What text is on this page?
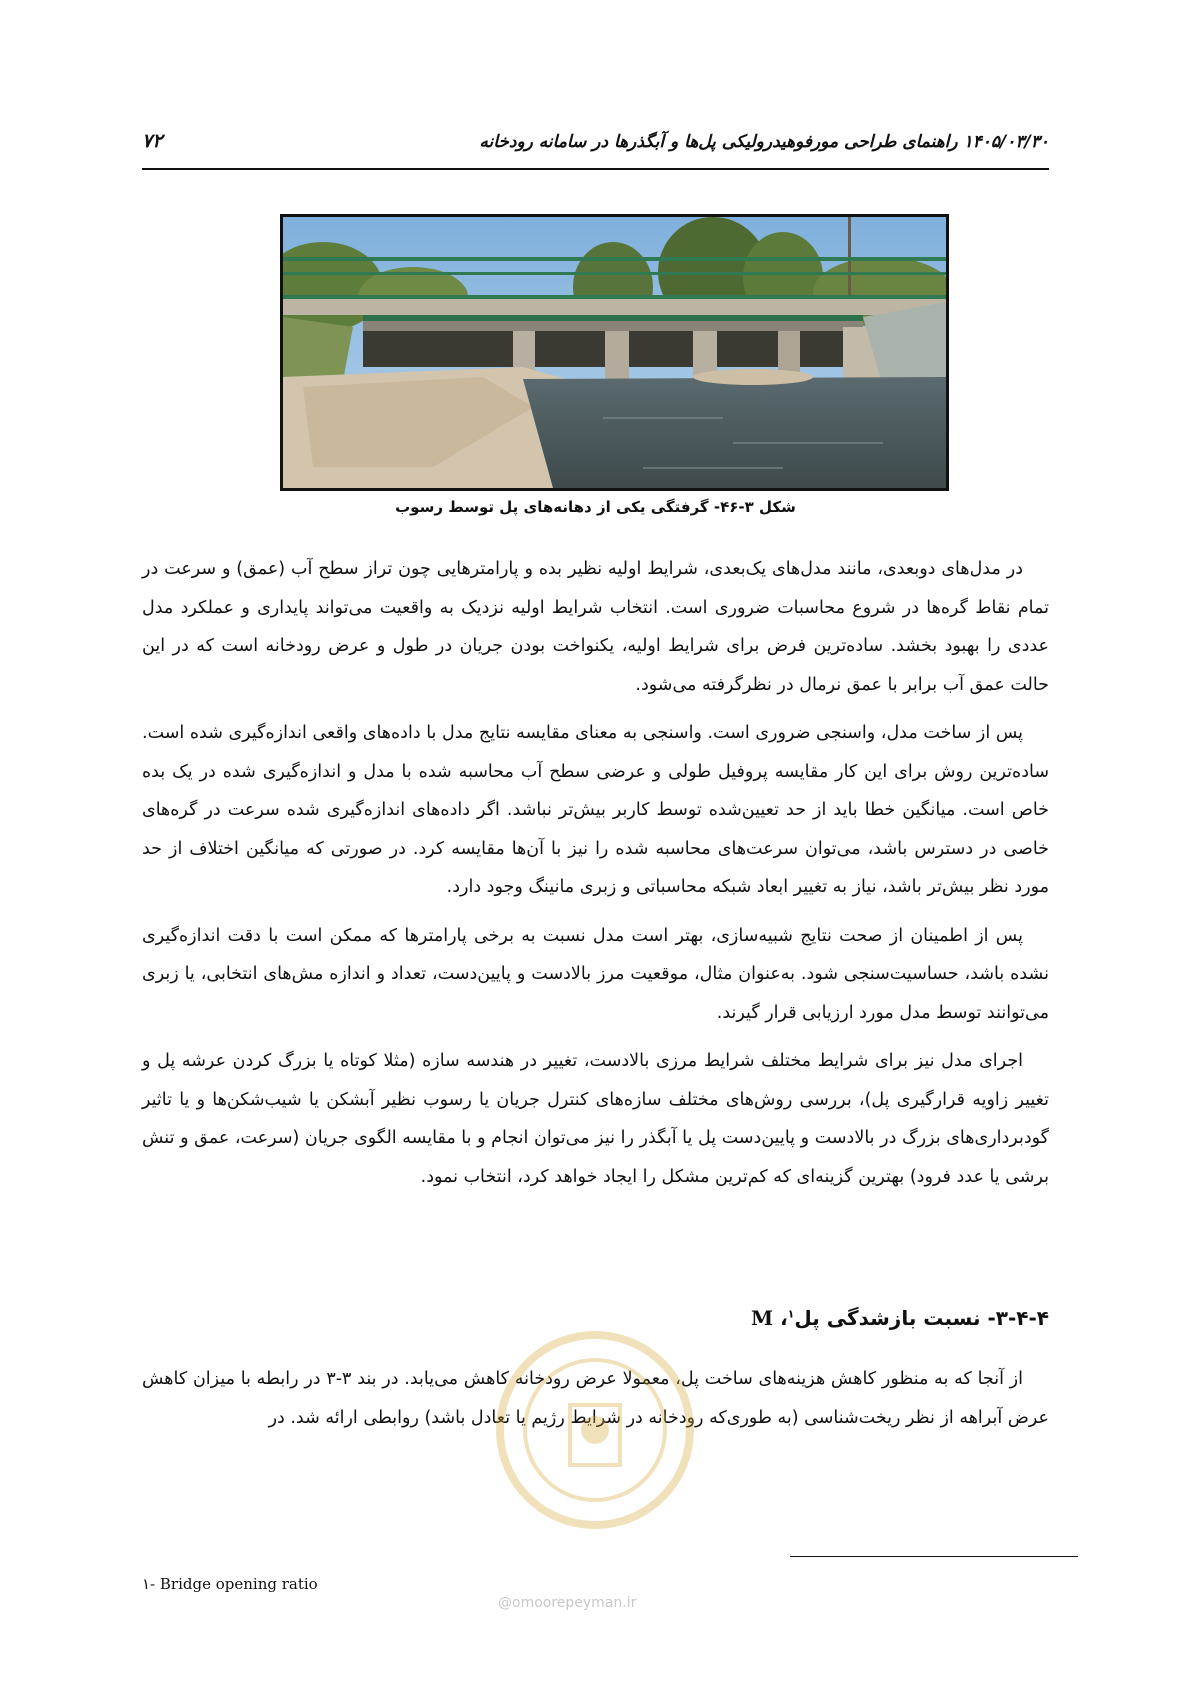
۱۴۰۵/۰۳/۳۰ راهنمای طراحی مورفوهیدرولیکی پل‌ها و آبگذرها در سامانه رودخانه
۷۲
شکل ۳-۴۶- گرفتگی یکی از دهانه‌های پل توسط رسوب

در مدل‌های دوبعدی، مانند مدل‌های یک‌بعدی، شرایط اولیه نظیر بده و پارامترهایی چون تراز سطح آب (عمق) و سرعت در تمام نقاط گره‌ها در شروع محاسبات ضروری است. انتخاب شرایط اولیه نزدیک به واقعیت می‌تواند پایداری و عملکرد مدل عددی را بهبود بخشد. ساده‌ترین فرض برای شرایط اولیه، یکنواخت بودن جریان در طول و عرض رودخانه است که در این حالت عمق آب برابر با عمق نرمال در نظرگرفته می‌شود.

پس از ساخت مدل، واسنجی ضروری است. واسنجی به معنای مقایسه نتایج مدل با داده‌های واقعی اندازه‌گیری شده است. ساده‌ترین روش برای این کار مقایسه پروفیل طولی و عرضی سطح آب محاسبه شده با مدل و اندازه‌گیری شده در یک بده خاص است. میانگین خطا باید از حد تعیین‌شده توسط کاربر بیش‌تر نباشد. اگر داده‌های اندازه‌گیری شده سرعت در گره‌های خاصی در دسترس باشد، می‌توان سرعت‌های محاسبه شده را نیز با آن‌ها مقایسه کرد. در صورتی که میانگین اختلاف از حد مورد نظر بیش‌تر باشد، نیاز به تغییر ابعاد شبکه محاسباتی و زبری مانینگ وجود دارد.

پس از اطمینان از صحت نتایج شبیه‌سازی، بهتر است مدل نسبت به برخی پارامترها که ممکن است با دقت اندازه‌گیری نشده باشد، حساسیت‌سنجی شود. به‌عنوان مثال، موقعیت مرز بالادست و پایین‌دست، تعداد و اندازه مش‌های انتخابی، یا زبری می‌توانند توسط مدل مورد ارزیابی قرار گیرند.

اجرای مدل نیز برای شرایط مختلف شرایط مرزی بالادست، تغییر در هندسه سازه (مثلا کوتاه یا بزرگ کردن عرشه پل و تغییر زاویه قرارگیری پل)، بررسی روش‌های مختلف سازه‌های کنترل جریان یا رسوب نظیر آبشکن یا شیب‌شکن‌ها و یا تاثیر گودبرداری‌های بزرگ در بالادست و پایین‌دست پل یا آبگذر را نیز می‌توان انجام و با مقایسه الگوی جریان (سرعت، عمق و تنش برشی یا عدد فرود) بهترین گزینه‌ای که کم‌ترین مشکل را ایجاد خواهد کرد، انتخاب نمود.

۳-۴-۴- نسبت بازشدگی پل$^۱$، M

از آنجا که به منظور کاهش هزینه‌های ساخت پل، معمولا عرض رودخانه کاهش می‌یابد. در بند ۳-۳ در رابطه با میزان کاهش عرض آبراهه از نظر ریخت‌شناسی (به طوری‌که رودخانه در شرایط رژیم یا تعادل باشد) روابطی ارائه شد. در

@omoorepeyman.ir
۱- Bridge opening ratio
